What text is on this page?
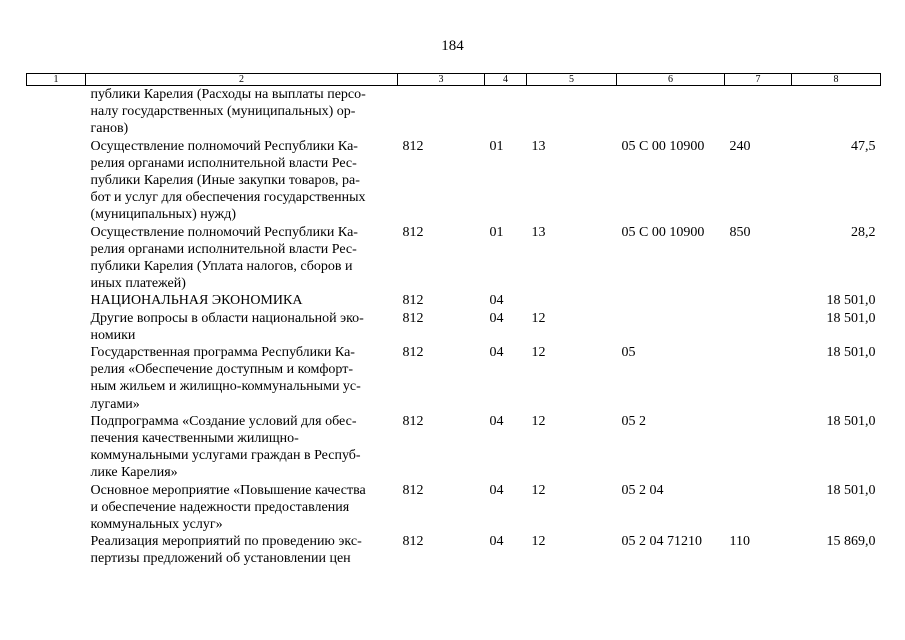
184
1	2	3	4	5	6	7	8

	публики Карелия (Расходы на выплаты персо-
налу государственных (муниципальных) ор-
ганов)						

	Осуществление полномочий Республики Ка-
релия органами исполнительной власти Рес-
публики Карелия (Иные закупки товаров, ра-
бот и услуг для обеспечения государственных
(муниципальных) нужд)	812	01	13	05 С 00 10900	240	47,5

	Осуществление полномочий Республики Ка-
релия органами исполнительной власти Рес-
публики Карелия (Уплата налогов, сборов и
иных платежей)	812	01	13	05 С 00 10900	850	28,2

	НАЦИОНАЛЬНАЯ ЭКОНОМИКА	812	04				18 501,0

	Другие вопросы в области национальной эко-
номики	812	04	12			18 501,0

	Государственная программа Республики Ка-
релия «Обеспечение доступным и комфорт-
ным жильем и жилищно-коммунальными ус-
лугами»	812	04	12	05		18 501,0

	Подпрограмма «Создание условий для обес-
печения качественными жилищно-
коммунальными услугами граждан в Респуб-
лике Карелия»	812	04	12	05 2		18 501,0

	Основное мероприятие «Повышение качества
и обеспечение надежности предоставления
коммунальных услуг»	812	04	12	05 2 04		18 501,0

	Реализация мероприятий по проведению экс-
пертизы предложений об установлении цен	812	04	12	05 2 04 71210	110	15 869,0
